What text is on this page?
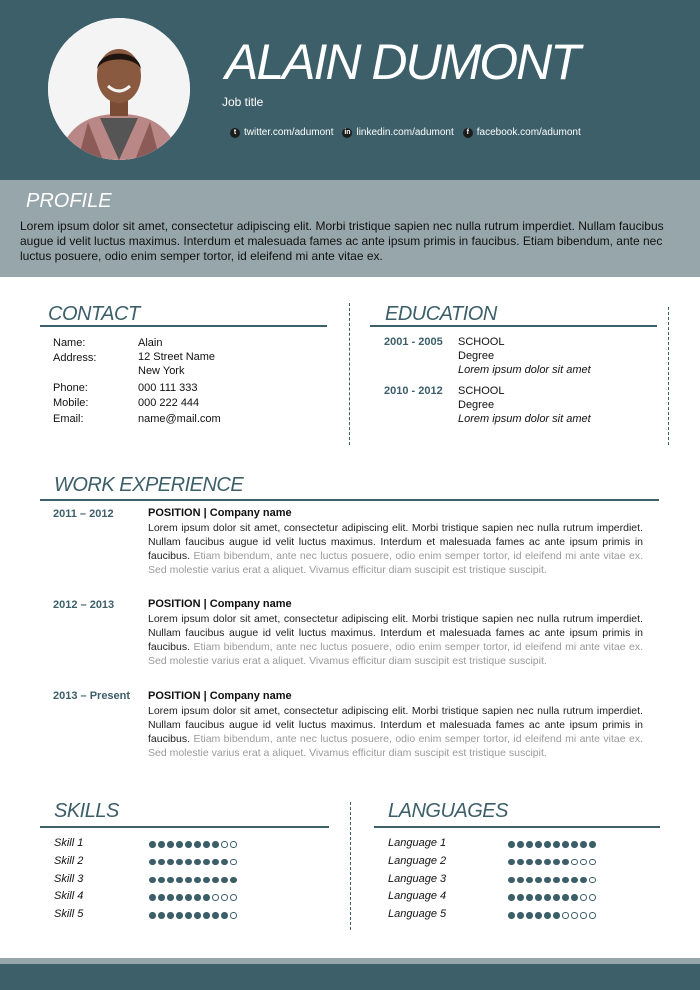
ALAIN DUMONT
Job title
t twitter.com/adumont in linkedin.com/adumont	f facebook.com/adumont
PROFILE
Lorem ipsum dolor sit amet, consectetur adipiscing elit. Morbi tristique sapien nec nulla rutrum imperdiet. Nullam faucibus augue id velit luctus maximus. Interdum et malesuada fames ac ante ipsum primis in faucibus. Etiam bibendum, ante nec luctus posuere, odio enim semper tortor, id eleifend mi ante vitae ex.
CONTACT
Name:	Alain
Address:	12 Street Name
New York
Phone:	000 111 333
Mobile:	000 222 444
Email:	name@mail.com
EDUCATION
2001 - 2005 SCHOOL
Degree
Lorem ipsum dolor sit amet
2010 - 2012 SCHOOL
Degree
Lorem ipsum dolor sit amet
WORK EXPERIENCE
2011 – 2012	POSITION | Company name
Lorem ipsum dolor sit amet, consectetur adipiscing elit. Morbi tristique sapien nec nulla rutrum imperdiet. Nullam faucibus augue id velit luctus maximus. Interdum et malesuada fames ac ante ipsum primis in faucibus. Etiam bibendum, ante nec luctus posuere, odio enim semper tortor, id eleifend mi ante vitae ex. Sed molestie varius erat a aliquet. Vivamus efficitur diam suscipit est tristique suscipit.
2012 – 2013	POSITION | Company name
Lorem ipsum dolor sit amet, consectetur adipiscing elit. Morbi tristique sapien nec nulla rutrum imperdiet. Nullam faucibus augue id velit luctus maximus. Interdum et malesuada fames ac ante ipsum primis in faucibus. Etiam bibendum, ante nec luctus posuere, odio enim semper tortor, id eleifend mi ante vitae ex. Sed molestie varius erat a aliquet. Vivamus efficitur diam suscipit est tristique suscipit.
2013 – Present POSITION | Company name
Lorem ipsum dolor sit amet, consectetur adipiscing elit. Morbi tristique sapien nec nulla rutrum imperdiet. Nullam faucibus augue id velit luctus maximus. Interdum et malesuada fames ac ante ipsum primis in faucibus. Etiam bibendum, ante nec luctus posuere, odio enim semper tortor, id eleifend mi ante vitae ex. Sed molestie varius erat a aliquet. Vivamus efficitur diam suscipit est tristique suscipit.
SKILLS
Skill 1
Skill 2
Skill 3
Skill 4
Skill 5
LANGUAGES
Language 1
Language 2
Language 3
Language 4
Language 5
